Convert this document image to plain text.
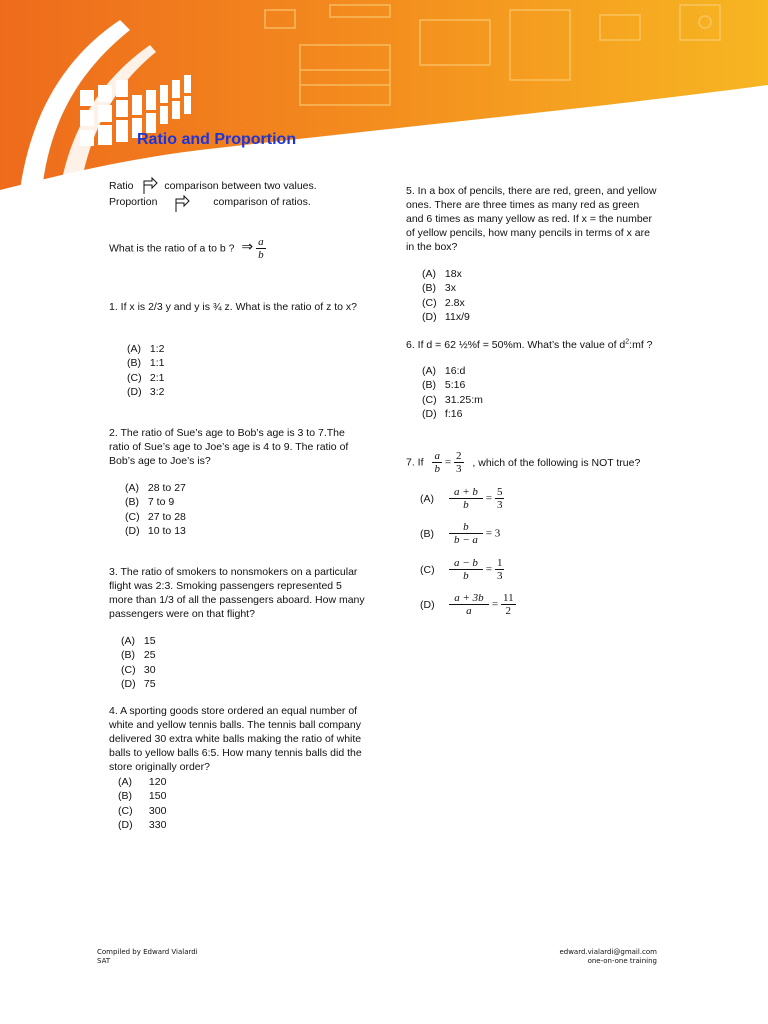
Ratio and Proportion
Ratio	comparison between two values.
Proportion	comparison of ratios.
What is the ratio of a to b ? ⇒ $\frac{a}{b}$
1. If x is 2/3 y and y is ¾ z. What is the ratio of z to x?
(A) 1:2
(B) 1:1
(C) 2:1
(D) 3:2
2. The ratio of Sue’s age to Bob’s age is 3 to 7.The ratio of Sue’s age to Joe’s age is 4 to 9. The ratio of Bob’s age to Joe’s is?
(A) 28 to 27
(B) 7 to 9
(C) 27 to 28
(D) 10 to 13
3. The ratio of smokers to nonsmokers on a particular flight was 2:3. Smoking passengers represented 5 more than 1/3 of all the passengers aboard. How many passengers were on that flight?
(A) 15
(B) 25
(C) 30
(D) 75
4. A sporting goods store ordered an equal number of white and yellow tennis balls. The tennis ball company delivered 30 extra white balls making the ratio of white balls to yellow balls 6:5. How many tennis balls did the store originally order?
(A) 120
(B) 150
(C) 300
(D) 330
5. In a box of pencils, there are red, green, and yellow ones. There are three times as many red as green and 6 times as many yellow as red. If x = the number of yellow pencils, how many pencils in terms of x are in the box?
(A) 18x
(B) 3x
(C) 2.8x
(D) 11x/9
6. If d = 62 ½%f = 50%m. What’s the value of $d^2:mf$ ?
(A) 16:d
(B) 5:16
(C) 31.25:m
(D) f:16
7. If $\frac{a}{b} = \frac{2}{3}$ , which of the following is NOT true?
$(A) \frac{a + b}{b} = \frac{5}{3}$
$(B) \frac{b}{b - a} = 3$
$(C) \frac{a - b}{b} = \frac{1}{3}$
$(D) \frac{a + 3b}{a} = \frac{11}{2}$
Compiled by Edward Vialardi
SAT
edward.vialardi@gmail.com
one-on-one training
